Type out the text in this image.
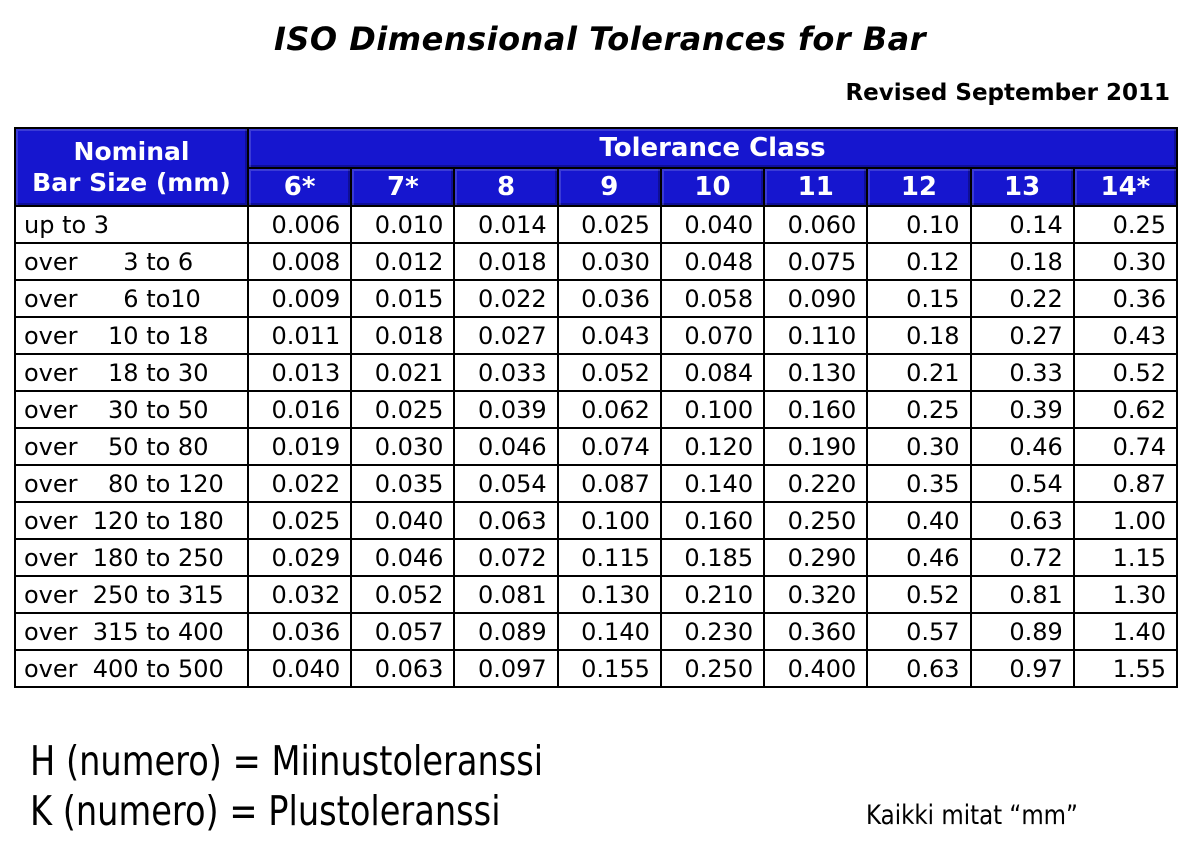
ISO Dimensional Tolerances for Bar
Revised September 2011
Nominal
Bar Size (mm)	Tolerance Class								
	6*	7*	8	9	10	11	12	13	14*
up to 3	0.006	0.010	0.014	0.025	0.040	0.060	0.10	0.14	0.25
over      3 to 6	0.008	0.012	0.018	0.030	0.048	0.075	0.12	0.18	0.30
over      6 to10	0.009	0.015	0.022	0.036	0.058	0.090	0.15	0.22	0.36
over    10 to 18	0.011	0.018	0.027	0.043	0.070	0.110	0.18	0.27	0.43
over    18 to 30	0.013	0.021	0.033	0.052	0.084	0.130	0.21	0.33	0.52
over    30 to 50	0.016	0.025	0.039	0.062	0.100	0.160	0.25	0.39	0.62
over    50 to 80	0.019	0.030	0.046	0.074	0.120	0.190	0.30	0.46	0.74
over    80 to 120	0.022	0.035	0.054	0.087	0.140	0.220	0.35	0.54	0.87
over  120 to 180	0.025	0.040	0.063	0.100	0.160	0.250	0.40	0.63	1.00
over  180 to 250	0.029	0.046	0.072	0.115	0.185	0.290	0.46	0.72	1.15
over  250 to 315	0.032	0.052	0.081	0.130	0.210	0.320	0.52	0.81	1.30
over  315 to 400	0.036	0.057	0.089	0.140	0.230	0.360	0.57	0.89	1.40
over  400 to 500	0.040	0.063	0.097	0.155	0.250	0.400	0.63	0.97	1.55
H (numero) = Miinustoleranssi
K (numero) = Plustoleranssi	Kaikki mitat “mm”
